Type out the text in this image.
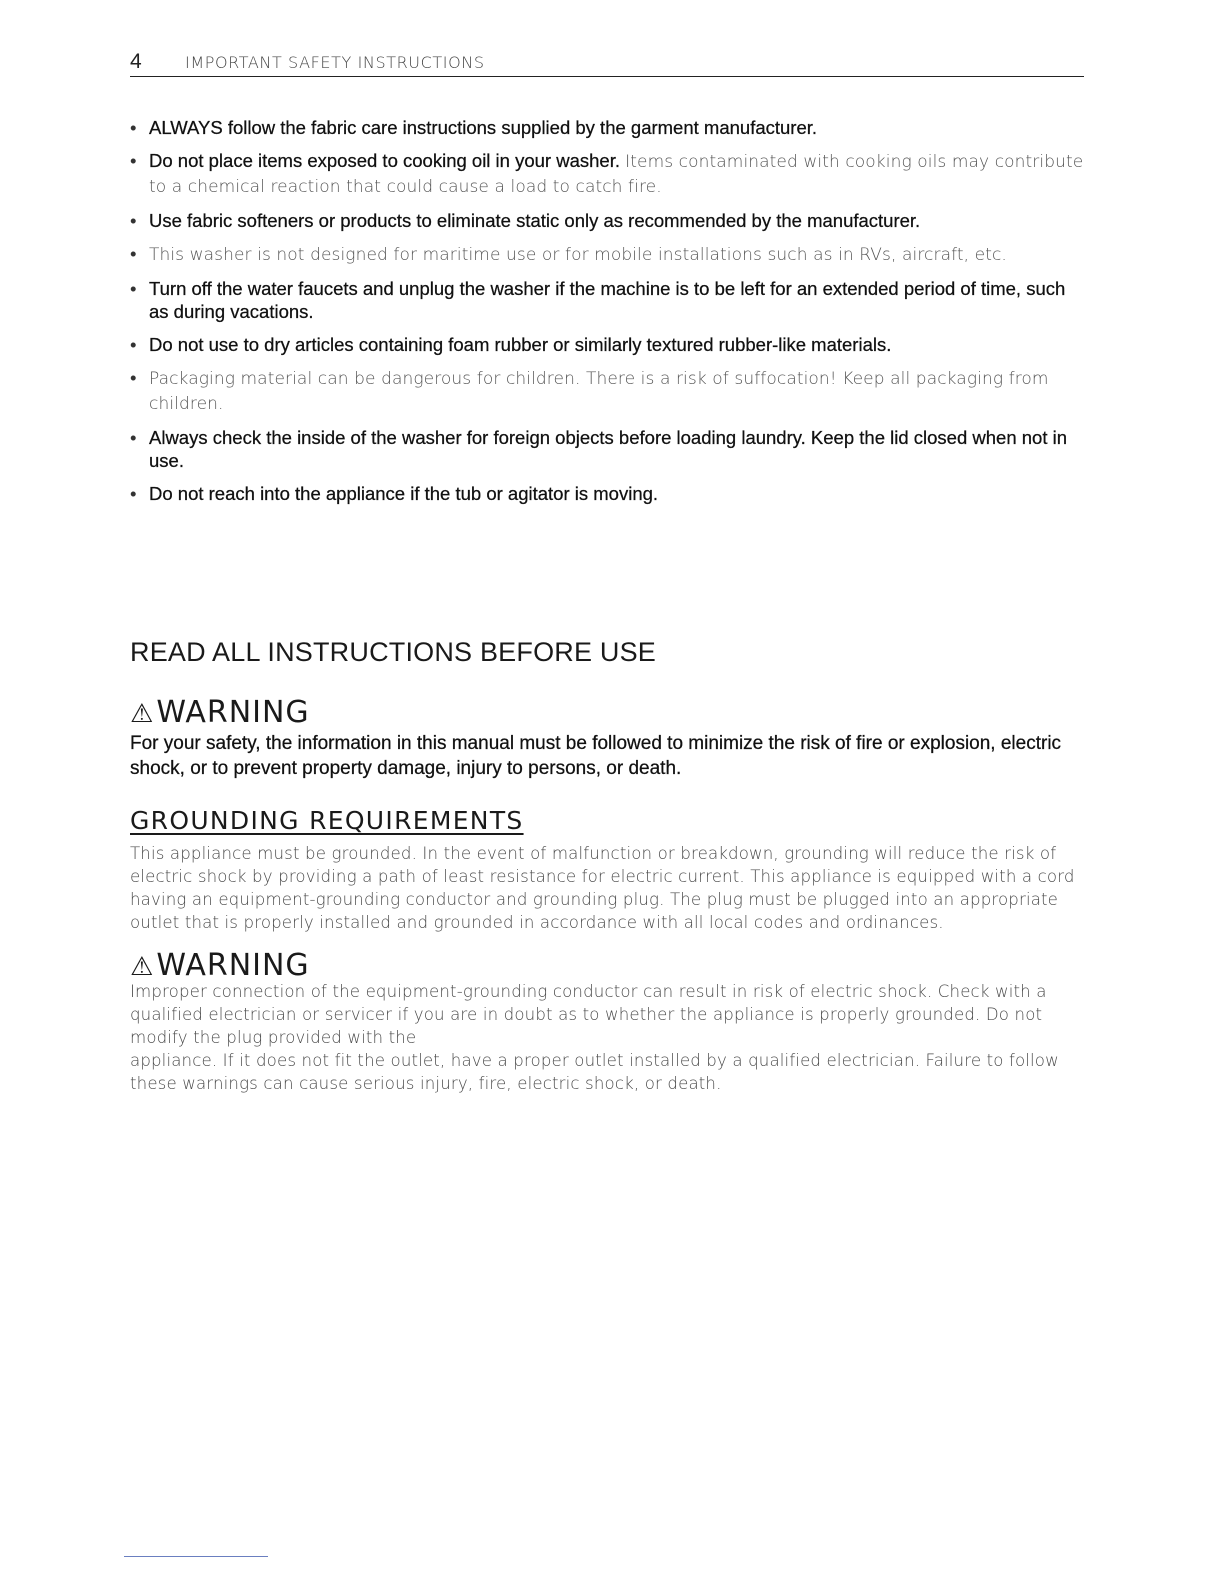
4	IMPORTANT SAFETY INSTRUCTIONS
• ALWAYS follow the fabric care instructions supplied by the garment manufacturer.
• Do not place items exposed to cooking oil in your washer. Items contaminated with cooking oils may contribute to a chemical reaction that could cause a load to catch fire.
• Use fabric softeners or products to eliminate static only as recommended by the manufacturer.
• This washer is not designed for maritime use or for mobile installations such as in RVs, aircraft, etc.
• Turn off the water faucets and unplug the washer if the machine is to be left for an extended period of time, such as during vacations.
• Do not use to dry articles containing foam rubber or similarly textured rubber-like materials.
• Packaging material can be dangerous for children. There is a risk of suffocation! Keep all packaging from children.
• Always check the inside of the washer for foreign objects before loading laundry. Keep the lid closed when not in use.
• Do not reach into the appliance if the tub or agitator is moving.
READ ALL INSTRUCTIONS BEFORE USE
⚠WARNING
For your safety, the information in this manual must be followed to minimize the risk of fire or explosion, electric shock, or to prevent property damage, injury to persons, or death.
GROUNDING REQUIREMENTS

This appliance must be grounded. In the event of malfunction or breakdown, grounding will reduce the risk of electric shock by providing a path of least resistance for electric current. This appliance is equipped with a cord having an equipment-grounding conductor and grounding plug. The plug must be plugged into an appropriate outlet that is properly installed and grounded in accordance with all local codes and ordinances.

⚠WARNING
Improper connection of the equipment-grounding conductor can result in risk of electric shock. Check with a qualified electrician or servicer if you are in doubt as to whether the appliance is properly grounded. Do not modify the plug provided with the
appliance. If it does not fit the outlet, have a proper outlet installed by a qualified electrician. Failure to follow these warnings can cause serious injury, fire, electric shock, or death.
